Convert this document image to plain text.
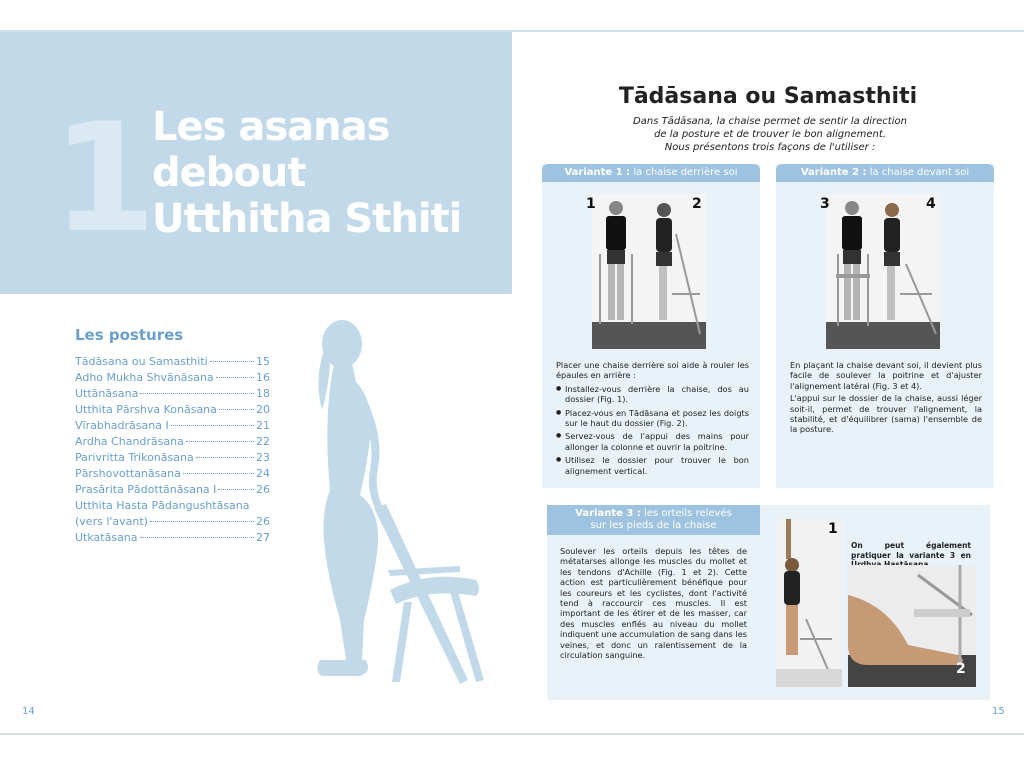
1
Les asanas
debout
Utthitha Sthiti
Les postures
Tādāsana ou Samasthiti	15
Adho Mukha Shvānāsana	16
Uttānāsana	18
Utthita Pārshva Konāsana	20
Vīrabhadrāsana I	21
Ardha Chandrāsana	22
Parivritta Trikonāsana	23
Pārshovottanāsana	24
Prasārita Pādottānāsana I	26
Utthita Hasta Pādangushtāsana
(vers l'avant)	26
Utkatāsana	27
14
Tādāsana ou Samasthiti
Dans Tādāsana, la chaise permet de sentir la direction
de la posture et de trouver le bon alignement.
Nous présentons trois façons de l'utiliser :
Variante 1 : la chaise derrière soi
1	2

Placer une chaise derrière soi aide à rouler les épaules en arrière :

● Installez-vous derrière la chaise, dos au dossier (Fig. 1).
● Placez-vous en Tādāsana et posez les doigts sur le haut du dossier (Fig. 2).
● Servez-vous de l'appui des mains pour allonger la colonne et ouvrir la poitrine.
● Utilisez le dossier pour trouver le bon alignement vertical.
Variante 2 : la chaise devant soi
3	4

En plaçant la chaise devant soi, il devient plus facile de soulever la poitrine et d'ajuster l'alignement latéral (Fig. 3 et 4).

L'appui sur le dossier de la chaise, aussi léger soit-il, permet de trouver l'alignement, la stabilité, et d'équilibrer (sama) l'ensemble de la posture.

Variante 3 : les orteils relevés
sur les pieds de la chaise

Soulever les orteils depuis les têtes de métatarses allonge les muscles du mollet et les tendons d'Achille (Fig. 1 et 2). Cette action est particulièrement bénéfique pour les coureurs et les cyclistes, dont l'activité tend à raccourcir ces muscles. Il est important de les étirer et de les masser, car des muscles enflés au niveau du mollet indiquent une accumulation de sang dans les veines, et donc un ralentissement de la circulation sanguine.

1
On peut également pratiquer la variante 3 en
2
15
